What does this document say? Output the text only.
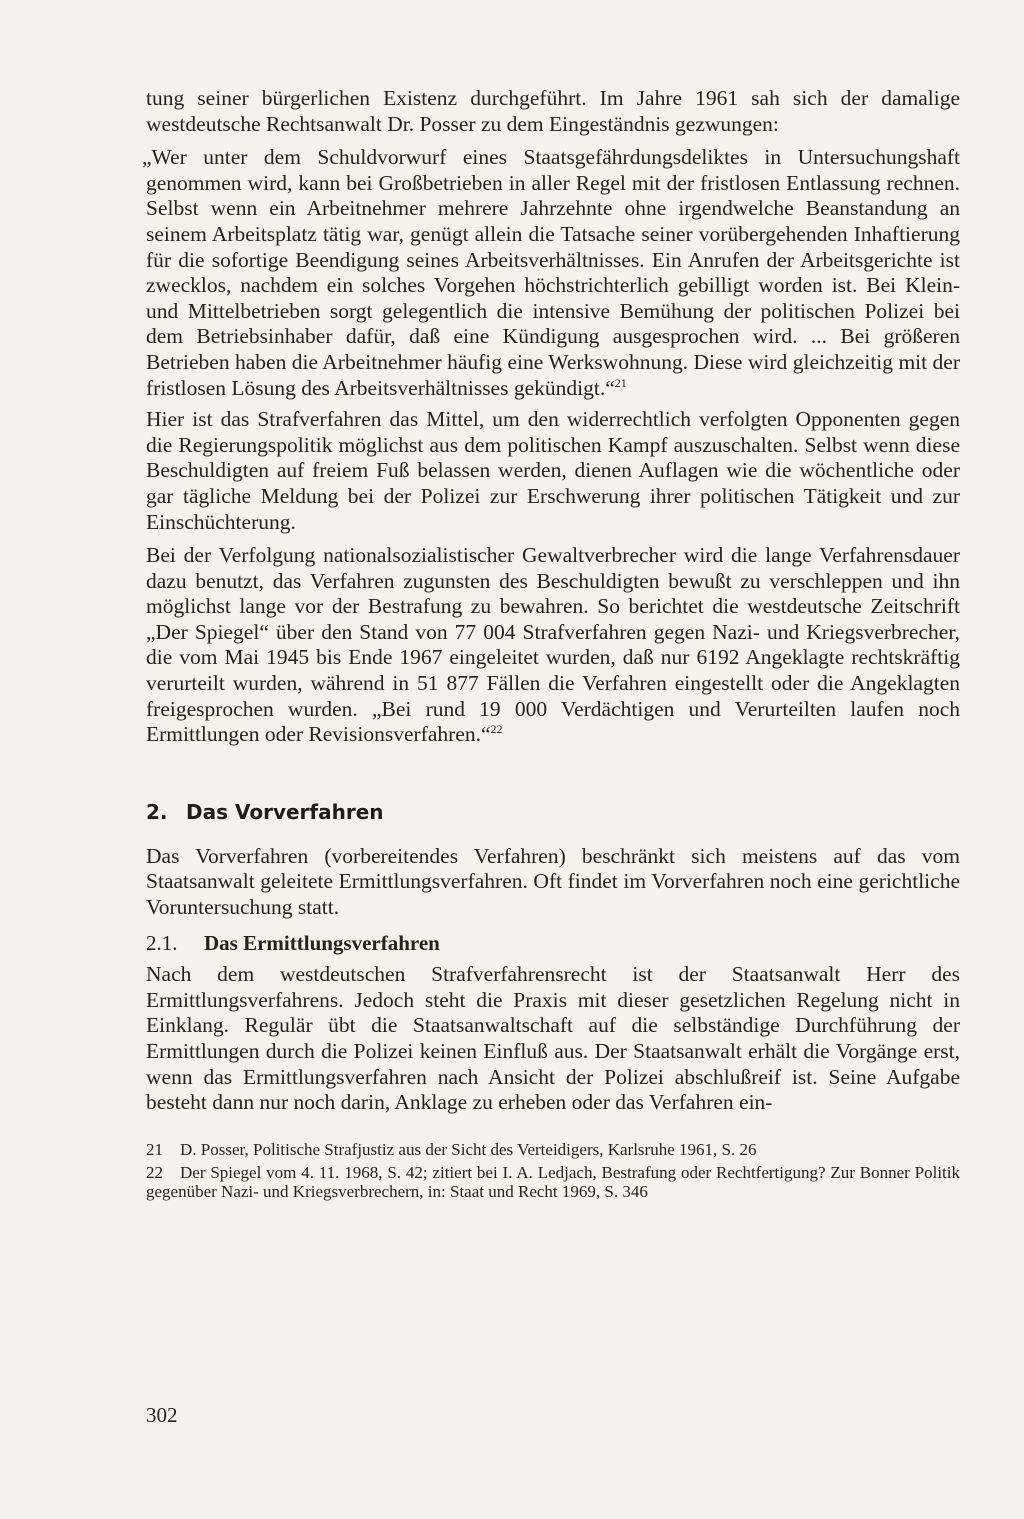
tung seiner bürgerlichen Existenz durchgeführt. Im Jahre 1961 sah sich der damalige westdeutsche Rechtsanwalt Dr. Posser zu dem Eingeständnis gezwungen:

„Wer unter dem Schuldvorwurf eines Staatsgefährdungsdeliktes in Untersuchungshaft genommen wird, kann bei Großbetrieben in aller Regel mit der fristlosen Entlassung rechnen. Selbst wenn ein Arbeitnehmer mehrere Jahrzehnte ohne irgendwelche Beanstandung an seinem Arbeitsplatz tätig war, genügt allein die Tatsache seiner vorübergehenden Inhaftierung für die sofortige Beendigung seines Arbeitsverhältnisses. Ein Anrufen der Arbeitsgerichte ist zwecklos, nachdem ein solches Vorgehen höchstrichterlich gebilligt worden ist. Bei Klein- und Mittelbetrieben sorgt gelegentlich die intensive Bemühung der politischen Polizei bei dem Betriebsinhaber dafür, daß eine Kündigung ausgesprochen wird. ... Bei größeren Betrieben haben die Arbeitnehmer häufig eine Werkswohnung. Diese wird gleichzeitig mit der fristlosen Lösung des Arbeitsverhältnisses gekündigt.“$^{21}$

Hier ist das Strafverfahren das Mittel, um den widerrechtlich verfolgten Opponenten gegen die Regierungspolitik möglichst aus dem politischen Kampf auszuschalten. Selbst wenn diese Beschuldigten auf freiem Fuß belassen werden, dienen Auflagen wie die wöchentliche oder gar tägliche Meldung bei der Polizei zur Erschwerung ihrer politischen Tätigkeit und zur Einschüchterung.

Bei der Verfolgung nationalsozialistischer Gewaltverbrecher wird die lange Verfahrensdauer dazu benutzt, das Verfahren zugunsten des Beschuldigten bewußt zu verschleppen und ihn möglichst lange vor der Bestrafung zu bewahren. So berichtet die westdeutsche Zeitschrift „Der Spiegel“ über den Stand von 77 004 Strafverfahren gegen Nazi- und Kriegsverbrecher, die vom Mai 1945 bis Ende 1967 eingeleitet wurden, daß nur 6192 Angeklagte rechtskräftig verurteilt wurden, während in 51 877 Fällen die Verfahren eingestellt oder die Angeklagten freigesprochen wurden. „Bei rund 19 000 Verdächtigen und Verurteilten laufen noch Ermittlungen oder Revisionsverfahren.“$^{22}$

2. Das Vorverfahren

Das Vorverfahren (vorbereitendes Verfahren) beschränkt sich meistens auf das vom Staatsanwalt geleitete Ermittlungsverfahren. Oft findet im Vorverfahren noch eine gerichtliche Voruntersuchung statt.

2.1. Das Ermittlungsverfahren

Nach dem westdeutschen Strafverfahrensrecht ist der Staatsanwalt Herr des Ermittlungsverfahrens. Jedoch steht die Praxis mit dieser gesetzlichen Regelung nicht in Einklang. Regulär übt die Staatsanwaltschaft auf die selbständige Durchführung der Ermittlungen durch die Polizei keinen Einfluß aus. Der Staatsanwalt erhält die Vorgänge erst, wenn das Ermittlungsverfahren nach Ansicht der Polizei abschlußreif ist. Seine Aufgabe besteht dann nur noch darin, Anklage zu erheben oder das Verfahren ein-

21 D. Posser, Politische Strafjustiz aus der Sicht des Verteidigers, Karlsruhe 1961, S. 26
22 Der Spiegel vom 4. 11. 1968, S. 42; zitiert bei I. A. Ledjach, Bestrafung oder Rechtfertigung? Zur Bonner Politik gegenüber Nazi- und Kriegsverbrechern, in: Staat und Recht 1969, S. 346
302
